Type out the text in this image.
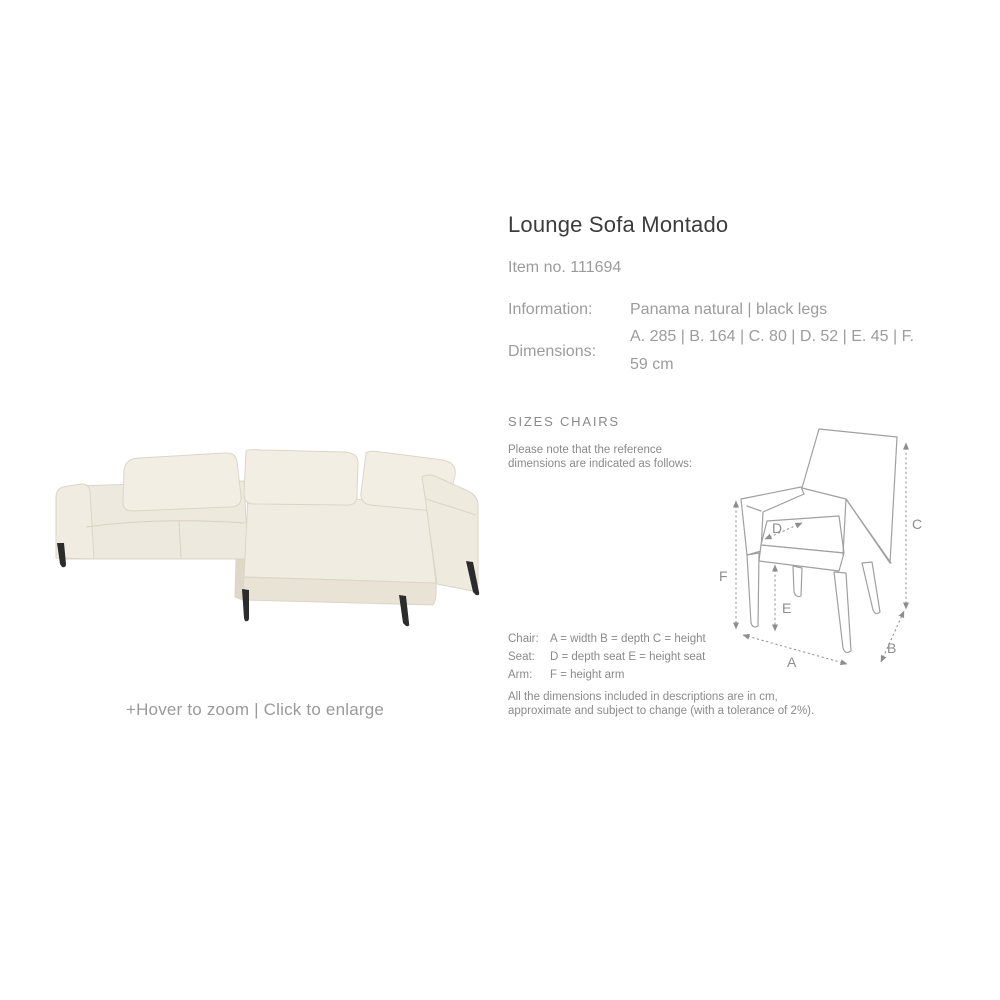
+Hover to zoom | Click to enlarge
Lounge Sofa Montado
Item no. 111694
Information:	Panama natural | black legs
Dimensions:
A. 285 | B. 164 | C. 80 | D. 52 | E. 45 | F. 59 cm
SIZES CHAIRS
Please note that the reference dimensions are indicated as follows:
C
F
E
D
A
B
Chair: A = width B = depth C = height
Seat:	D = depth seat E = height seat
Arm:	F = height arm
All the dimensions included in descriptions are in cm, approximate and subject to change (with a tolerance of 2%).
